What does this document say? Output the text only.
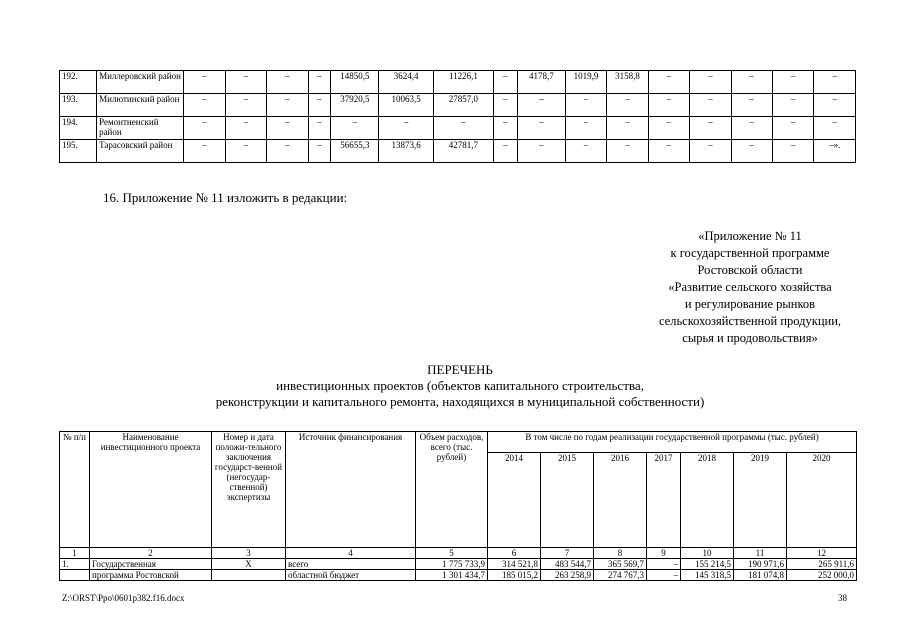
192.	Миллеровский район	–	–	–	–	14850,5	3624,4	11226,1	–	4178,7	1019,9	3158,8	–	–	–	–	–
193.	Милютинский район	–	–	–	–	37920,5	10063,5	27857,0	–	–	–	–	–	–	–	–	–
194.	Ремонтненский район	–	–	–	–	–	–	–	–	–	–	–	–	–	–	–	–
195.	Тарасовский район	–	–	–	–	56655,3	13873,6	42781,7	–	–	–	–	–	–	–	–	–».
16. Приложение № 11 изложить в редакции:
«Приложение № 11
к государственной программе
Ростовской области
«Развитие сельского хозяйства
и регулирование рынков
сельскохозяйственной продукции,
сырья и продовольствия»
ПЕРЕЧЕНЬ
инвестиционных проектов (объектов капитального строительства,
реконструкции и капитального ремонта, находящихся в муниципальной собственности)
№ п/п	Наименование инвестиционного проекта	Номер и дата положи-тельного заключения государст-венной (негосудар-ственной) экспертизы	Источник финансирования	Объем расходов, всего (тыс. рублей)	В том числе по годам реализации государственной программы (тыс. рублей)						
					2014	2015	2016	2017	2018	2019	2020
1	2	3	4	5	6	7	8	9	10	11	12
1.	Государственная	Х	всего	1 775 733,9	314 521,8	483 544,7	365 569,7	–	155 214,5	190 971,6	265 911,6
	программа Ростовской		областной бюджет	1 301 434,7	185 015,2	263 258,9	274 767,3	–	145 318,5	181 074,8	252 000,0
Z:\ORST\Ppo\0601p382.f16.docx	38
